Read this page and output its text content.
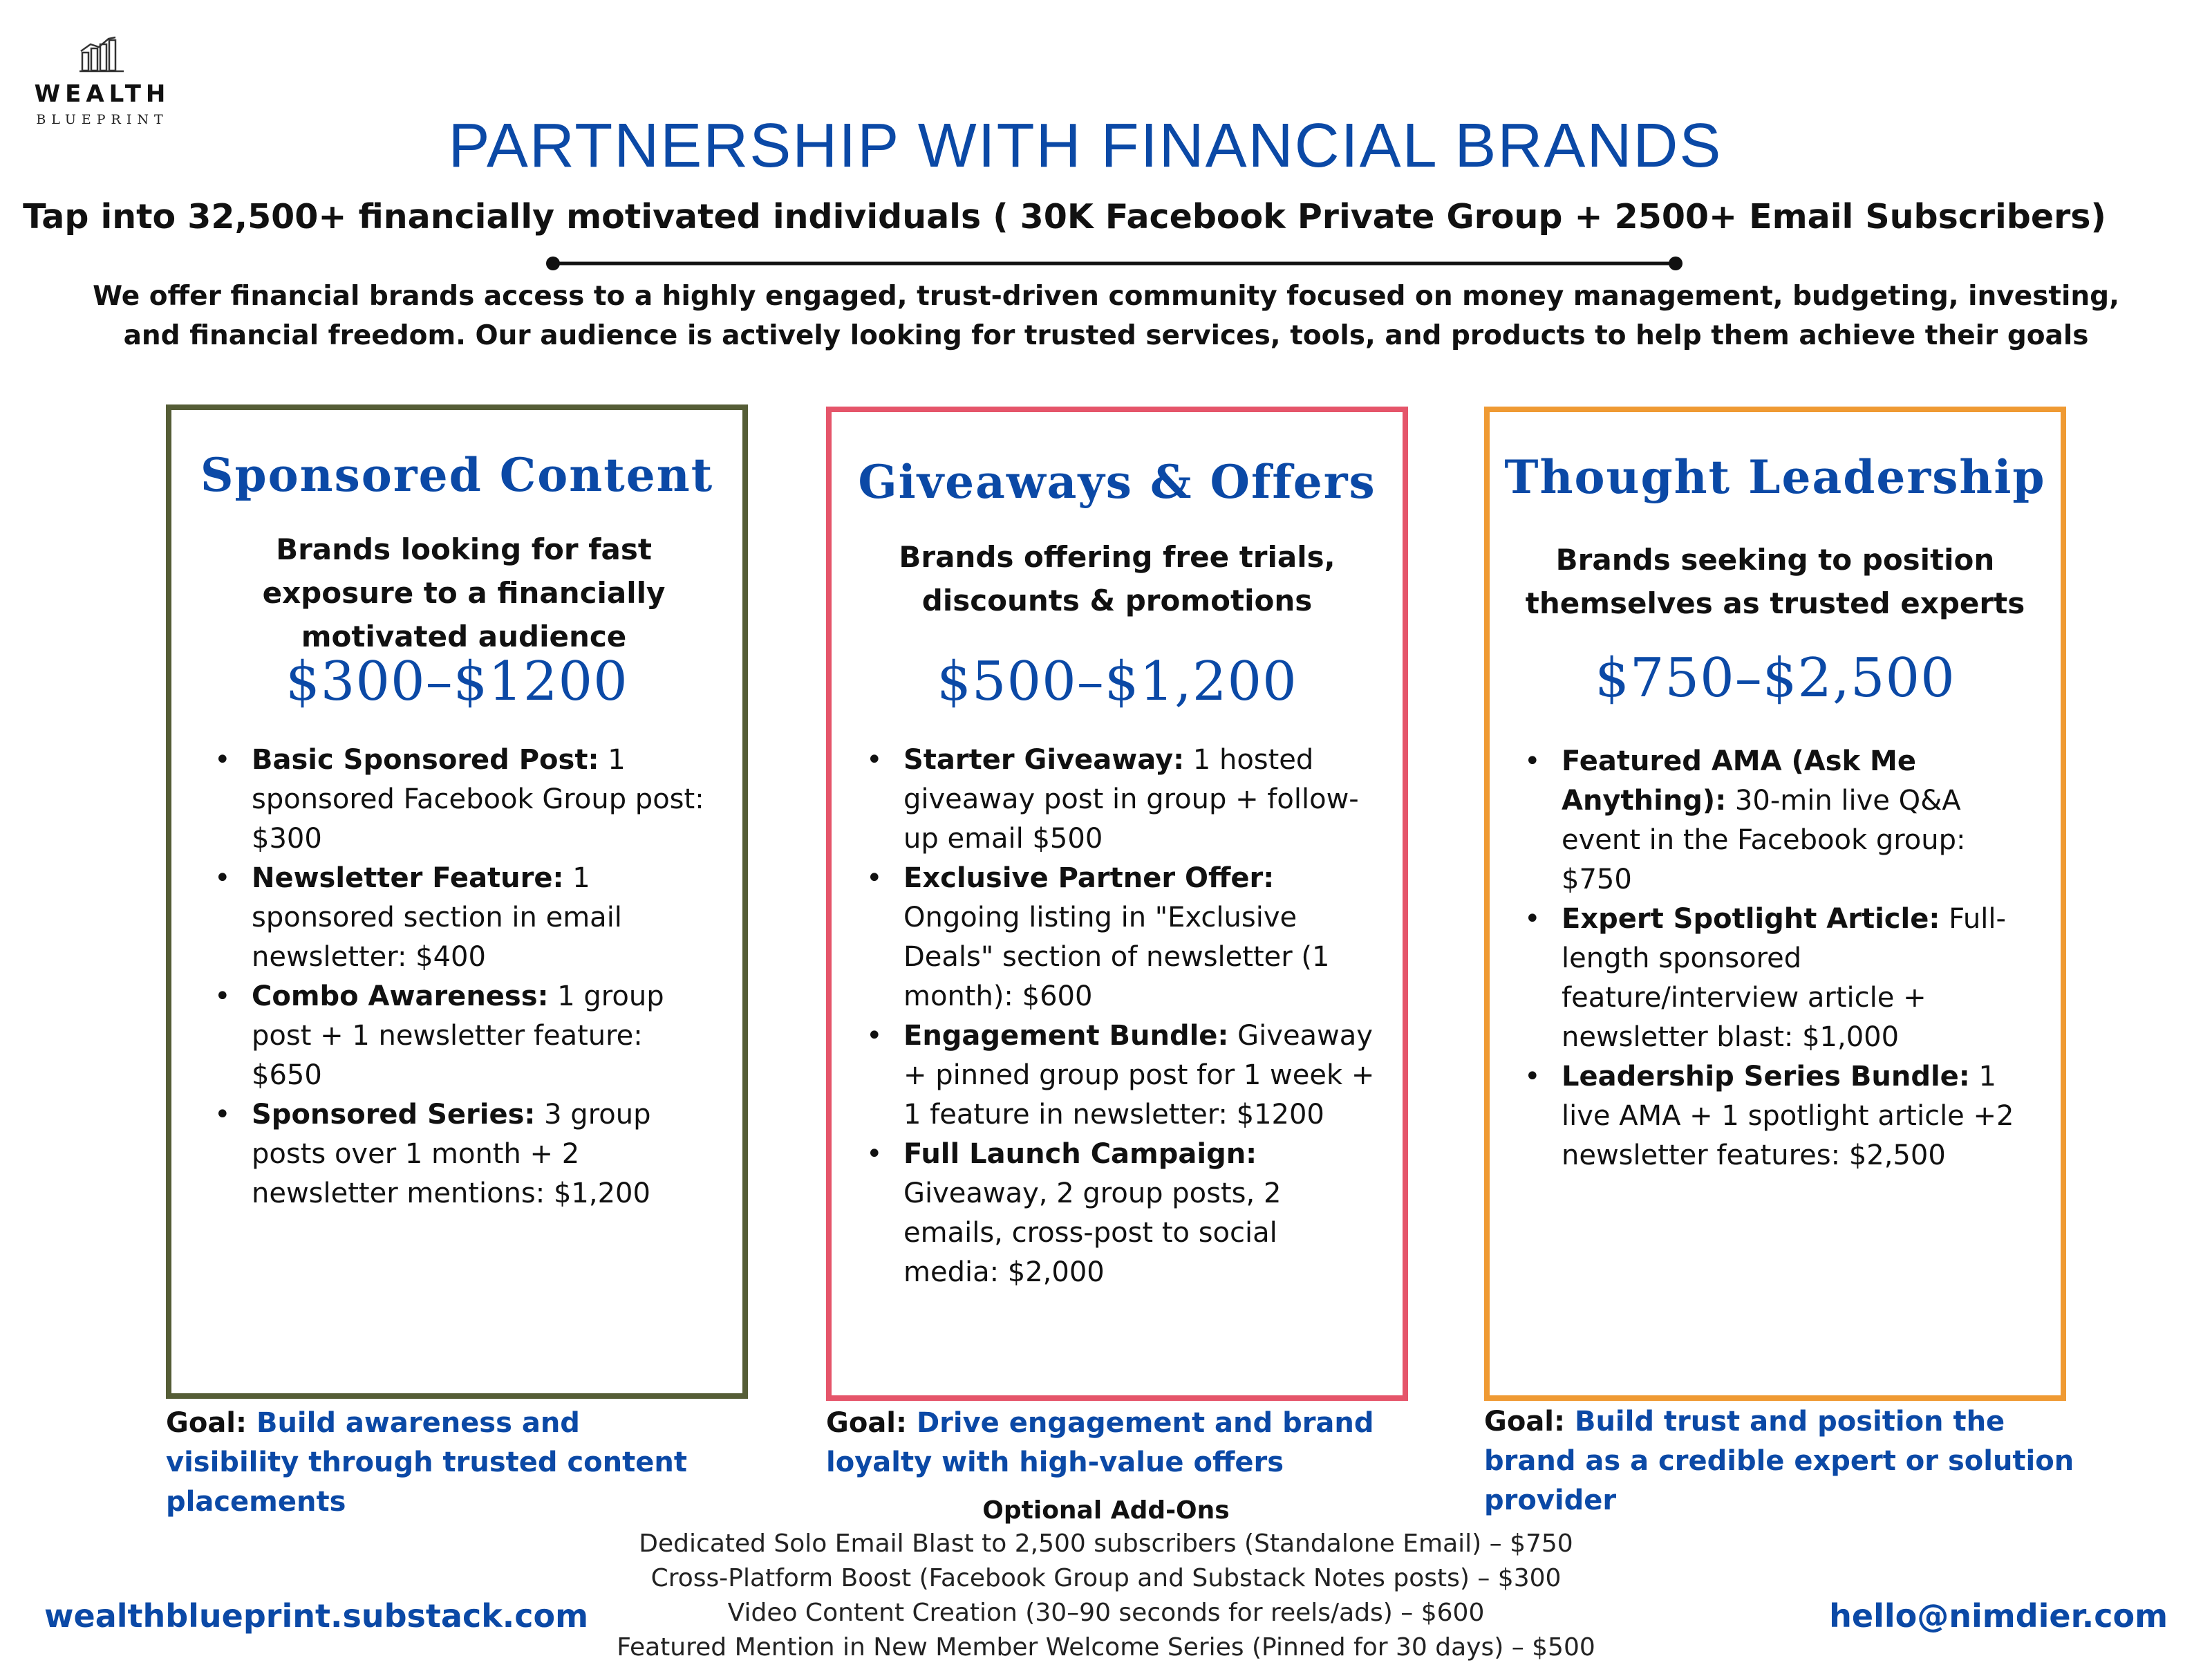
WEALTH
BLUEPRINT	PARTNERSHIP WITH FINANCIAL BRANDS
Tap into 32,500+ financially motivated individuals ( 30K Facebook Private Group + 2500+ Email Subscribers)
We offer financial brands access to a highly engaged, trust-driven community focused on money management, budgeting, investing, and financial freedom. Our audience is actively looking for trusted services, tools, and products to help them achieve their goals
Sponsored Content
Brands looking for fast exposure to a financially motivated audience
$300–$1200
• Basic Sponsored Post: 1 sponsored Facebook Group post: $300
• Newsletter Feature: 1 sponsored section in email newsletter: $400
• Combo Awareness: 1 group post + 1 newsletter feature: $650
• Sponsored Series: 3 group posts over 1 month + 2 newsletter mentions: $1,200
Goal: Build awareness and visibility through trusted content placements
Giveaways & Offers
Brands offering free trials, discounts & promotions
$500–$1,200
• Starter Giveaway: 1 hosted giveaway post in group + follow-up email $500
• Exclusive Partner Offer: Ongoing listing in "Exclusive Deals" section of newsletter (1 month): $600
• Engagement Bundle: Giveaway + pinned group post for 1 week + 1 feature in newsletter: $1200
• Full Launch Campaign: Giveaway, 2 group posts, 2 emails, cross-post to social media: $2,000
Goal: Drive engagement and brand loyalty with high-value offers
Thought Leadership
Brands seeking to position themselves as trusted experts
$750–$2,500
• Featured AMA (Ask Me Anything): 30-min live Q&A event in the Facebook group: $750
• Expert Spotlight Article: Full-length sponsored feature/interview article + newsletter blast: $1,000
• Leadership Series Bundle: 1 live AMA + 1 spotlight article +2 newsletter features: $2,500
Goal: Build trust and position the brand as a credible expert or solution provider
Optional Add-Ons
Dedicated Solo Email Blast to 2,500 subscribers (Standalone Email) – $750
Cross-Platform Boost (Facebook Group and Substack Notes posts) – $300
Video Content Creation (30–90 seconds for reels/ads) – $600
Featured Mention in New Member Welcome Series (Pinned for 30 days) – $500
wealthblueprint.substack.com	hello@nimdier.com
